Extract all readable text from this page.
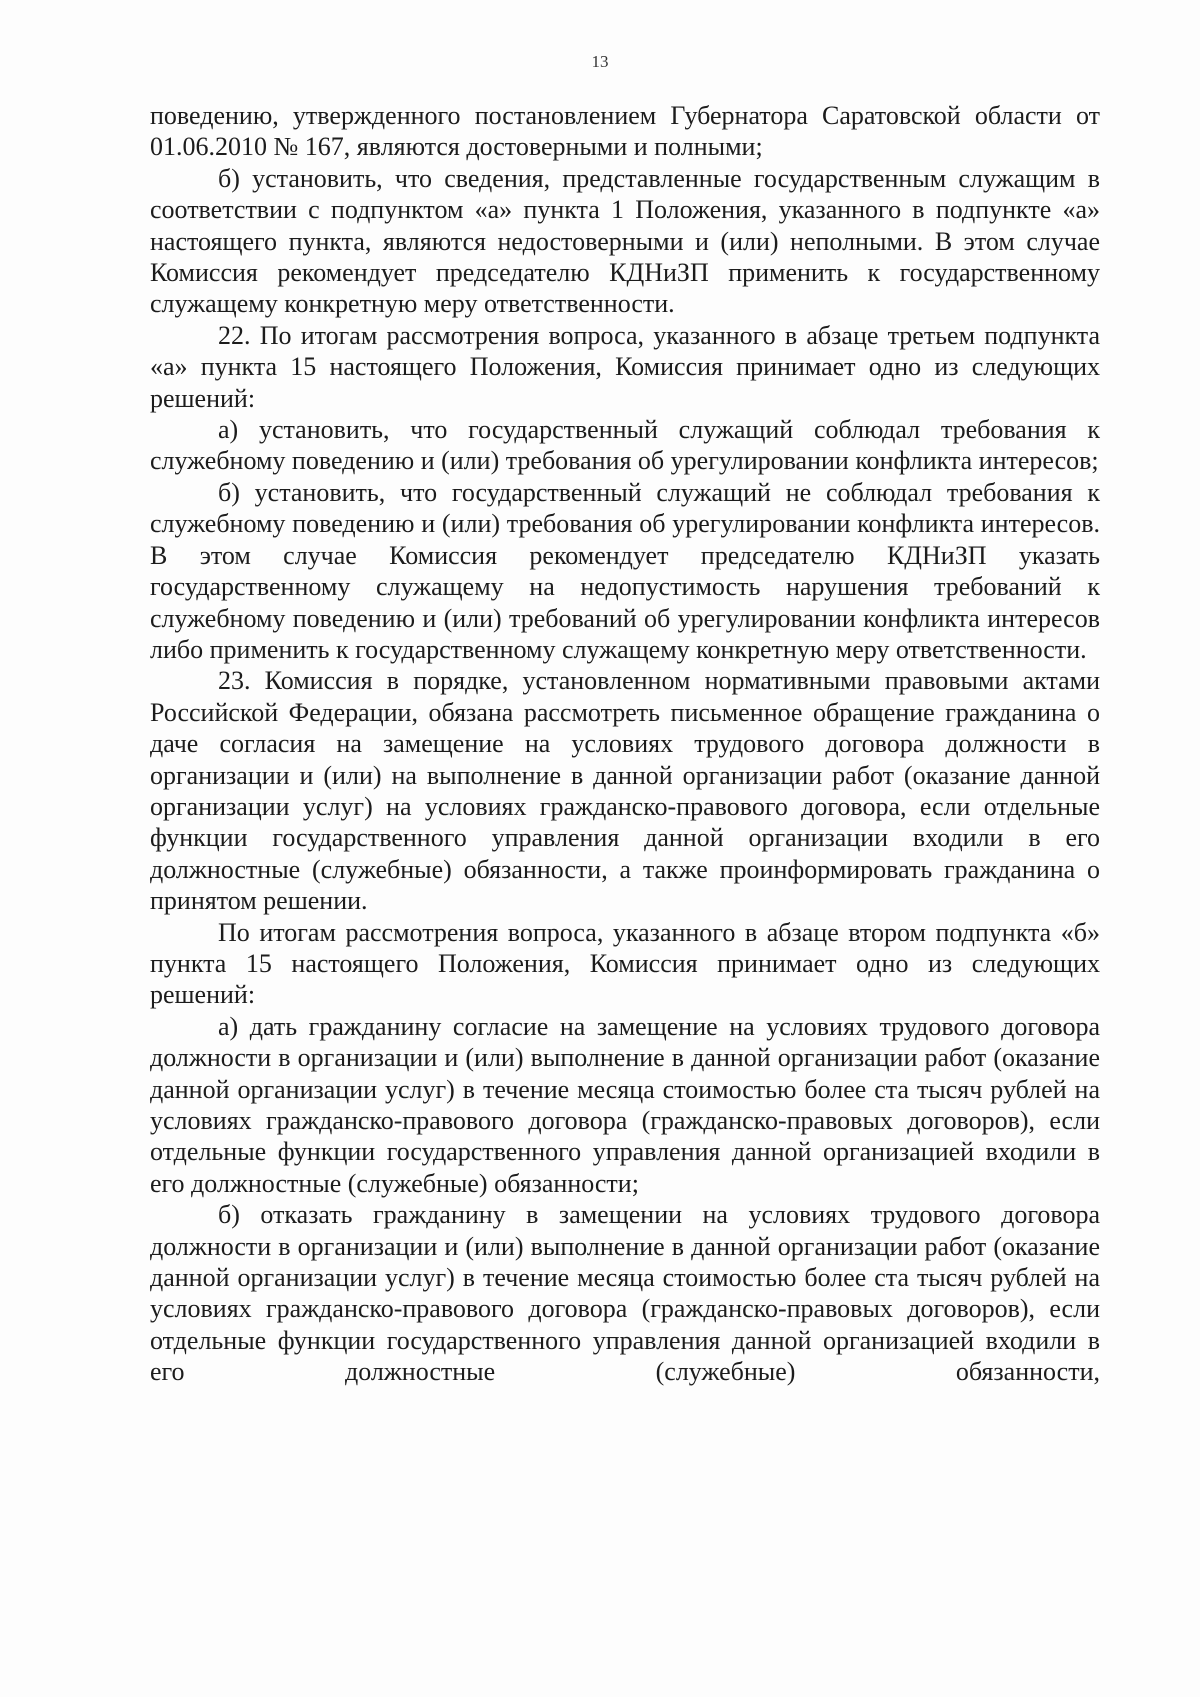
13

поведению, утвержденного постановлением Губернатора Саратовской области от 01.06.2010 № 167, являются достоверными и полными;

б) установить, что сведения, представленные государственным служащим в соответствии с подпунктом «а» пункта 1 Положения, указанного в подпункте «а» настоящего пункта, являются недостоверными и (или) неполными. В этом случае Комиссия рекомендует председателю КДНиЗП применить к государственному служащему конкретную меру ответственности.

22. По итогам рассмотрения вопроса, указанного в абзаце третьем подпункта «а» пункта 15 настоящего Положения, Комиссия принимает одно из следующих решений:

а) установить, что государственный служащий соблюдал требования к служебному поведению и (или) требования об урегулировании конфликта интересов;

б) установить, что государственный служащий не соблюдал требования к служебному поведению и (или) требования об урегулировании конфликта интересов. В этом случае Комиссия рекомендует председателю КДНиЗП указать государственному служащему на недопустимость нарушения требований к служебному поведению и (или) требований об урегулировании конфликта интересов либо применить к государственному служащему конкретную меру ответственности.

23. Комиссия в порядке, установленном нормативными правовыми актами Российской Федерации, обязана рассмотреть письменное обращение гражданина о даче согласия на замещение на условиях трудового договора должности в организации и (или) на выполнение в данной организации работ (оказание данной организации услуг) на условиях гражданско-правового договора, если отдельные функции государственного управления данной организации входили в его должностные (служебные) обязанности, а также проинформировать гражданина о принятом решении.

По итогам рассмотрения вопроса, указанного в абзаце втором подпункта «б» пункта 15 настоящего Положения, Комиссия принимает одно из следующих решений:

а) дать гражданину согласие на замещение на условиях трудового договора должности в организации и (или) выполнение в данной организации работ (оказание данной организации услуг) в течение месяца стоимостью более ста тысяч рублей на условиях гражданско-правового договора (гражданско-правовых договоров), если отдельные функции государственного управления данной организацией входили в его должностные (служебные) обязанности;

б) отказать гражданину в замещении на условиях трудового договора должности в организации и (или) выполнение в данной организации работ (оказание данной организации услуг) в течение месяца стоимостью более ста тысяч рублей на условиях гражданско-правового договора (гражданско-правовых договоров), если отдельные функции государственного управления данной организацией входили в его должностные (служебные) обязанности,
